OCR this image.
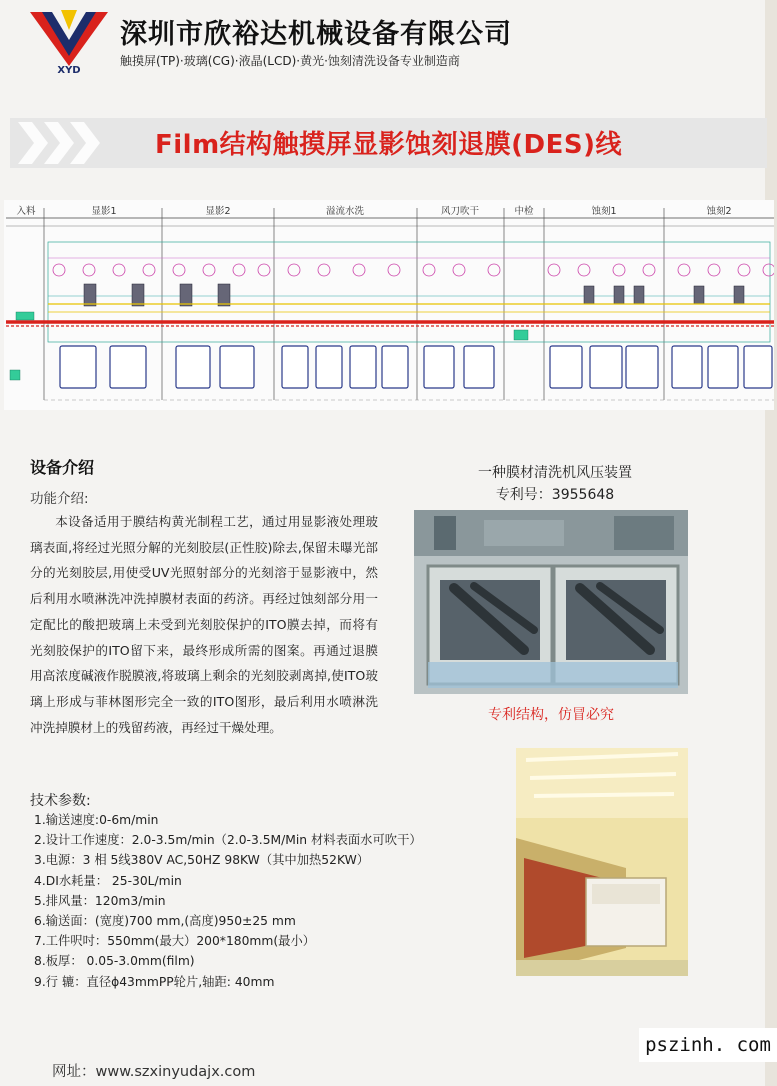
XYD
深圳市欣裕达机械设备有限公司
触摸屏(TP)·玻璃(CG)·液晶(LCD)·黄光·蚀刻清洗设备专业制造商
Film结构触摸屏显影蚀刻退膜(DES)线
入料	显影1	显影2	溢流水洗	风刀吹干	中检	蚀刻1	蚀刻2
设备介绍
功能介绍:
本设备适用于膜结构黄光制程工艺，通过用显影液处理玻璃表面,将经过光照分解的光刻胶层(正性胶)除去,保留未曝光部分的光刻胶层,用使受UV光照射部分的光刻溶于显影液中，然后利用水喷淋洗冲洗掉膜材表面的药济。再经过蚀刻部分用一定配比的酸把玻璃上未受到光刻胶保护的ITO膜去掉，而将有光刻胶保护的ITO留下来，最终形成所需的图案。再通过退膜用高浓度碱液作脱膜液,将玻璃上剩余的光刻胶剥离掉,使ITO玻璃上形成与菲林图形完全一致的ITO图形，最后利用水喷淋洗冲洗掉膜材上的残留药液，再经过干燥处理。
技术参数:
1.输送速度:0-6m/min
2.设计工作速度：2.0-3.5m/min（2.0-3.5M/Min 材料表面水可吹干）
3.电源：3 相 5线380V AC,50HZ 98KW（其中加热52KW）
4.DI水耗量： 25-30L/min
5.排风量：120m3/min
6.输送面：(宽度)700 mm,(高度)950±25 mm
7.工件呎吋：550mm(最大）200*180mm(最小）
8.板厚： 0.05-3.0mm(film)
9.行 辘：直径ϕ43mmPP轮片,轴距: 40mm
一种膜材清洗机风压装置
专利号：3955648
专利结构，仿冒必究
网址：www.szxinyudajx.com
pszinh. com
